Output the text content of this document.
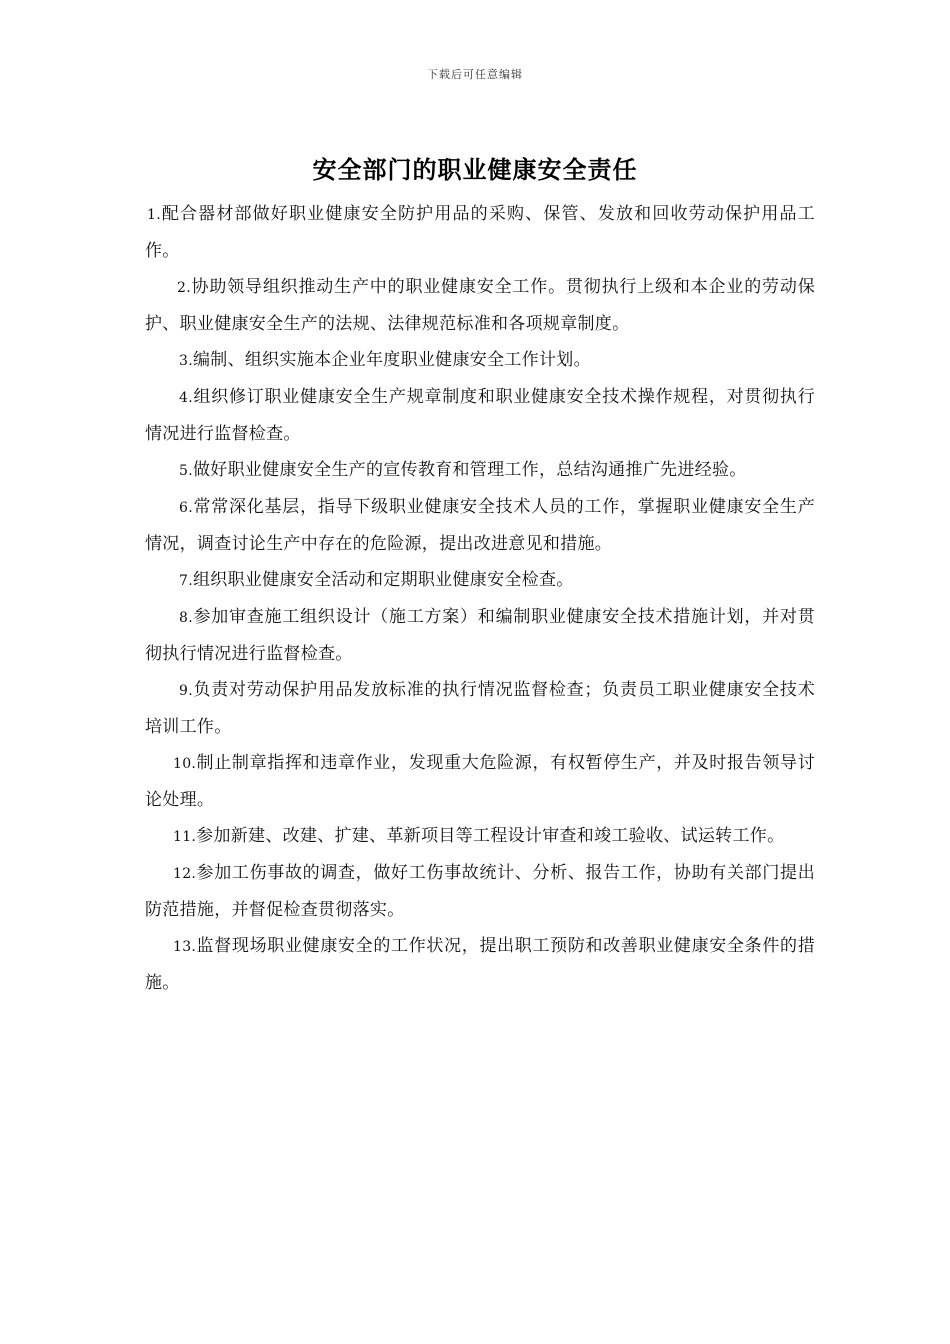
下载后可任意编辑
安全部门的职业健康安全责任

1.配合器材部做好职业健康安全防护用品的采购、保管、发放和回收劳动保护用品工作。

2.协助领导组织推动生产中的职业健康安全工作。贯彻执行上级和本企业的劳动保护、职业健康安全生产的法规、法律规范标准和各项规章制度。

3.编制、组织实施本企业年度职业健康安全工作计划。

4.组织修订职业健康安全生产规章制度和职业健康安全技术操作规程，对贯彻执行情况进行监督检查。

5.做好职业健康安全生产的宣传教育和管理工作，总结沟通推广先进经验。

6.常常深化基层，指导下级职业健康安全技术人员的工作，掌握职业健康安全生产情况，调查讨论生产中存在的危险源，提出改进意见和措施。

7.组织职业健康安全活动和定期职业健康安全检查。

8.参加审查施工组织设计（施工方案）和编制职业健康安全技术措施计划，并对贯彻执行情况进行监督检查。

9.负责对劳动保护用品发放标准的执行情况监督检查；负责员工职业健康安全技术培训工作。

10.制止制章指挥和违章作业，发现重大危险源，有权暂停生产，并及时报告领导讨论处理。

11.参加新建、改建、扩建、革新项目等工程设计审查和竣工验收、试运转工作。

12.参加工伤事故的调查，做好工伤事故统计、分析、报告工作，协助有关部门提出防范措施，并督促检查贯彻落实。

13.监督现场职业健康安全的工作状况，提出职工预防和改善职业健康安全条件的措施。
